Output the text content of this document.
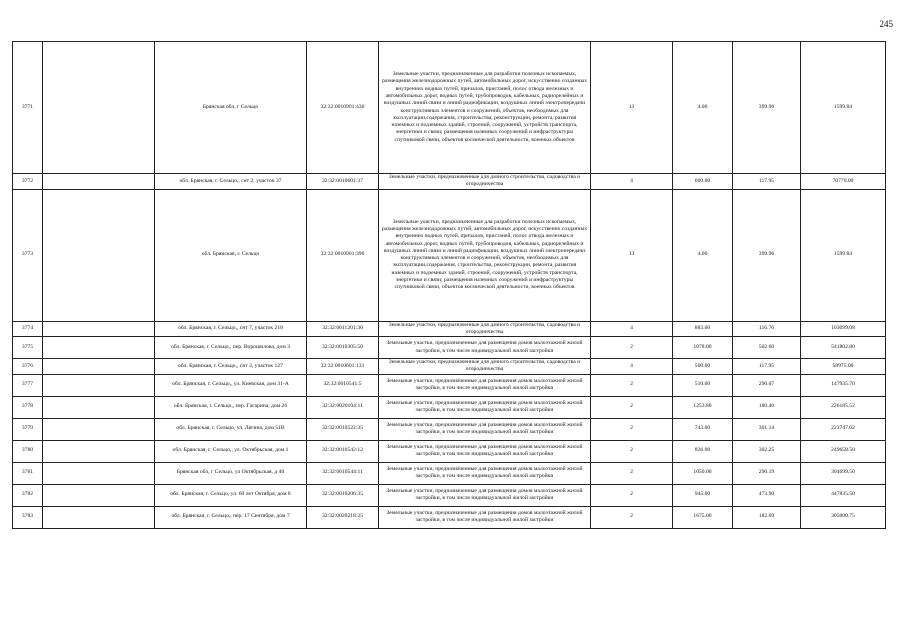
245
3771		Брянская обл, г Сельцо	32:32:0010901:430	Земельные участки, предназначенные для разработки полезных ископаемых, размещения железнодорожных путей, автомобильных дорог, искусственно созданных внутренних водных путей, причалов, пристаней, полос отвода железных и автомобильных дорог, водных путей, трубопроводов, кабельных, радиорелейных и воздушных линий связи и линий радиофикации, воздушных линий электропередачи конструктивных элементов и сооружений, объектов, необходимых для эксплуатации,содержания, строительства, реконструкции, ремонта, развития наземных и подземных зданий, строений, сооружений, устройств транспорта, энергетики и связи; размещения наземных сооружений и инфраструктуры спутниковой связи, объектов космической деятельности, военных объектов	13	4.00	399.96	1599.84
3772		обл. Брянская, г. Сельцо,, снт 2, участок 37	32:32:0010601:37	Земельные участки, предназначенные для дачного строительства, садоводства и огородничества	4	600.00	117.95	70770.00
3773		обл. Брянская, г. Сельцо	32:32:0010901:396	Земельные участки, предназначенные для разработки полезных ископаемых, размещения железнодорожных путей, автомобильных дорог, искусственно созданных внутренних водных путей, причалов, пристаней, полос отвода железных и автомобильных дорог, водных путей, трубопроводов, кабельных, радиорелейных и воздушных линий связи и линий радиофикации, воздушных линий электропередачи конструктивных элементов и сооружений, объектов, необходимых для эксплуатации,содержания, строительства, реконструкции, ремонта, развития наземных и подземных зданий, строений, сооружений, устройств транспорта, энергетики и связи; размещения наземных сооружений и инфраструктуры спутниковой связи, объектов космической деятельности, военных объектов	13	4.00	399.96	1599.84
3774		обл. Брянская, г. Сельцо,, снт 7, участок 218	32:32:0011201:30	Земельные участки, предназначенные для дачного строительства, садоводства и огородничества	4	883.00	116.76	103099.08
3775		обл. Брянская, г. Сельцо,, пер. Ворошилова, дом 3	32:32:0010305:50	Земельные участки, предназначенные для размещения домов малоэтажной жилой застройки, в том числе индивидуальной жилой застройки	2	1078.00	502.60	541802.80
3776		обл. Брянская, г. Сельцо,, снт 2, участок 127	32:32:0010601:131	Земельные участки, предназначенные для дачного строительства, садоводства и огородничества	4	500.00	117.95	58975.00
3777		обл. Брянская, г. Сельцо,, ул. Киевская, дом 31-А	32:32:0010541:5	Земельные участки, предназначенные для размещения домов малоэтажной жилой застройки, в том числе индивидуальной жилой застройки	2	510.00	290.07	147935.70
3778		обл. Брянская, г. Сельцо,, пер. Гагарина, дом 26	32:32:0020104:11	Земельные участки, предназначенные для размещения домов малоэтажной жилой застройки, в том числе индивидуальной жилой застройки	2	1253.80	180.40	226185.52
3779		обл. Брянская, г. Сельцо, ул. Лягина, дом 51В	32:32:0010522:35	Земельные участки, предназначенные для размещения домов малоэтажной жилой застройки, в том числе индивидуальной жилой застройки	2	743.00	301.14	223747.02
3780		обл. Брянская, г. Сельцо,, ул. Октябрьская, дом 1	32:32:0010542:12	Земельные участки, предназначенные для размещения домов малоэтажной жилой застройки, в том числе индивидуальной жилой застройки	2	826.00	302.25	249658.50
3781		Брянская обл, г Сельцо, ул Октябрьская, д 40	32:32:0010544:11	Земельные участки, предназначенные для размещения домов малоэтажной жилой застройки, в том числе индивидуальной жилой застройки	2	1050.00	290.19	304699.50
3782		обл. Брянская, г. Сельцо, ул. 60 лет Октября, дом 8	32:32:0010206:35	Земельные участки, предназначенные для размещения домов малоэтажной жилой застройки, в том числе индивидуальной жилой застройки	2	945.00	473.90	447835.50
3783		обл. Брянская, г. Сельцо,, пер. 17 Сентября, дом 7	32:32:0020218:25	Земельные участки, предназначенные для размещения домов малоэтажной жилой застройки, в том числе индивидуальной жилой застройки	2	1675.00	182.09	305000.75
